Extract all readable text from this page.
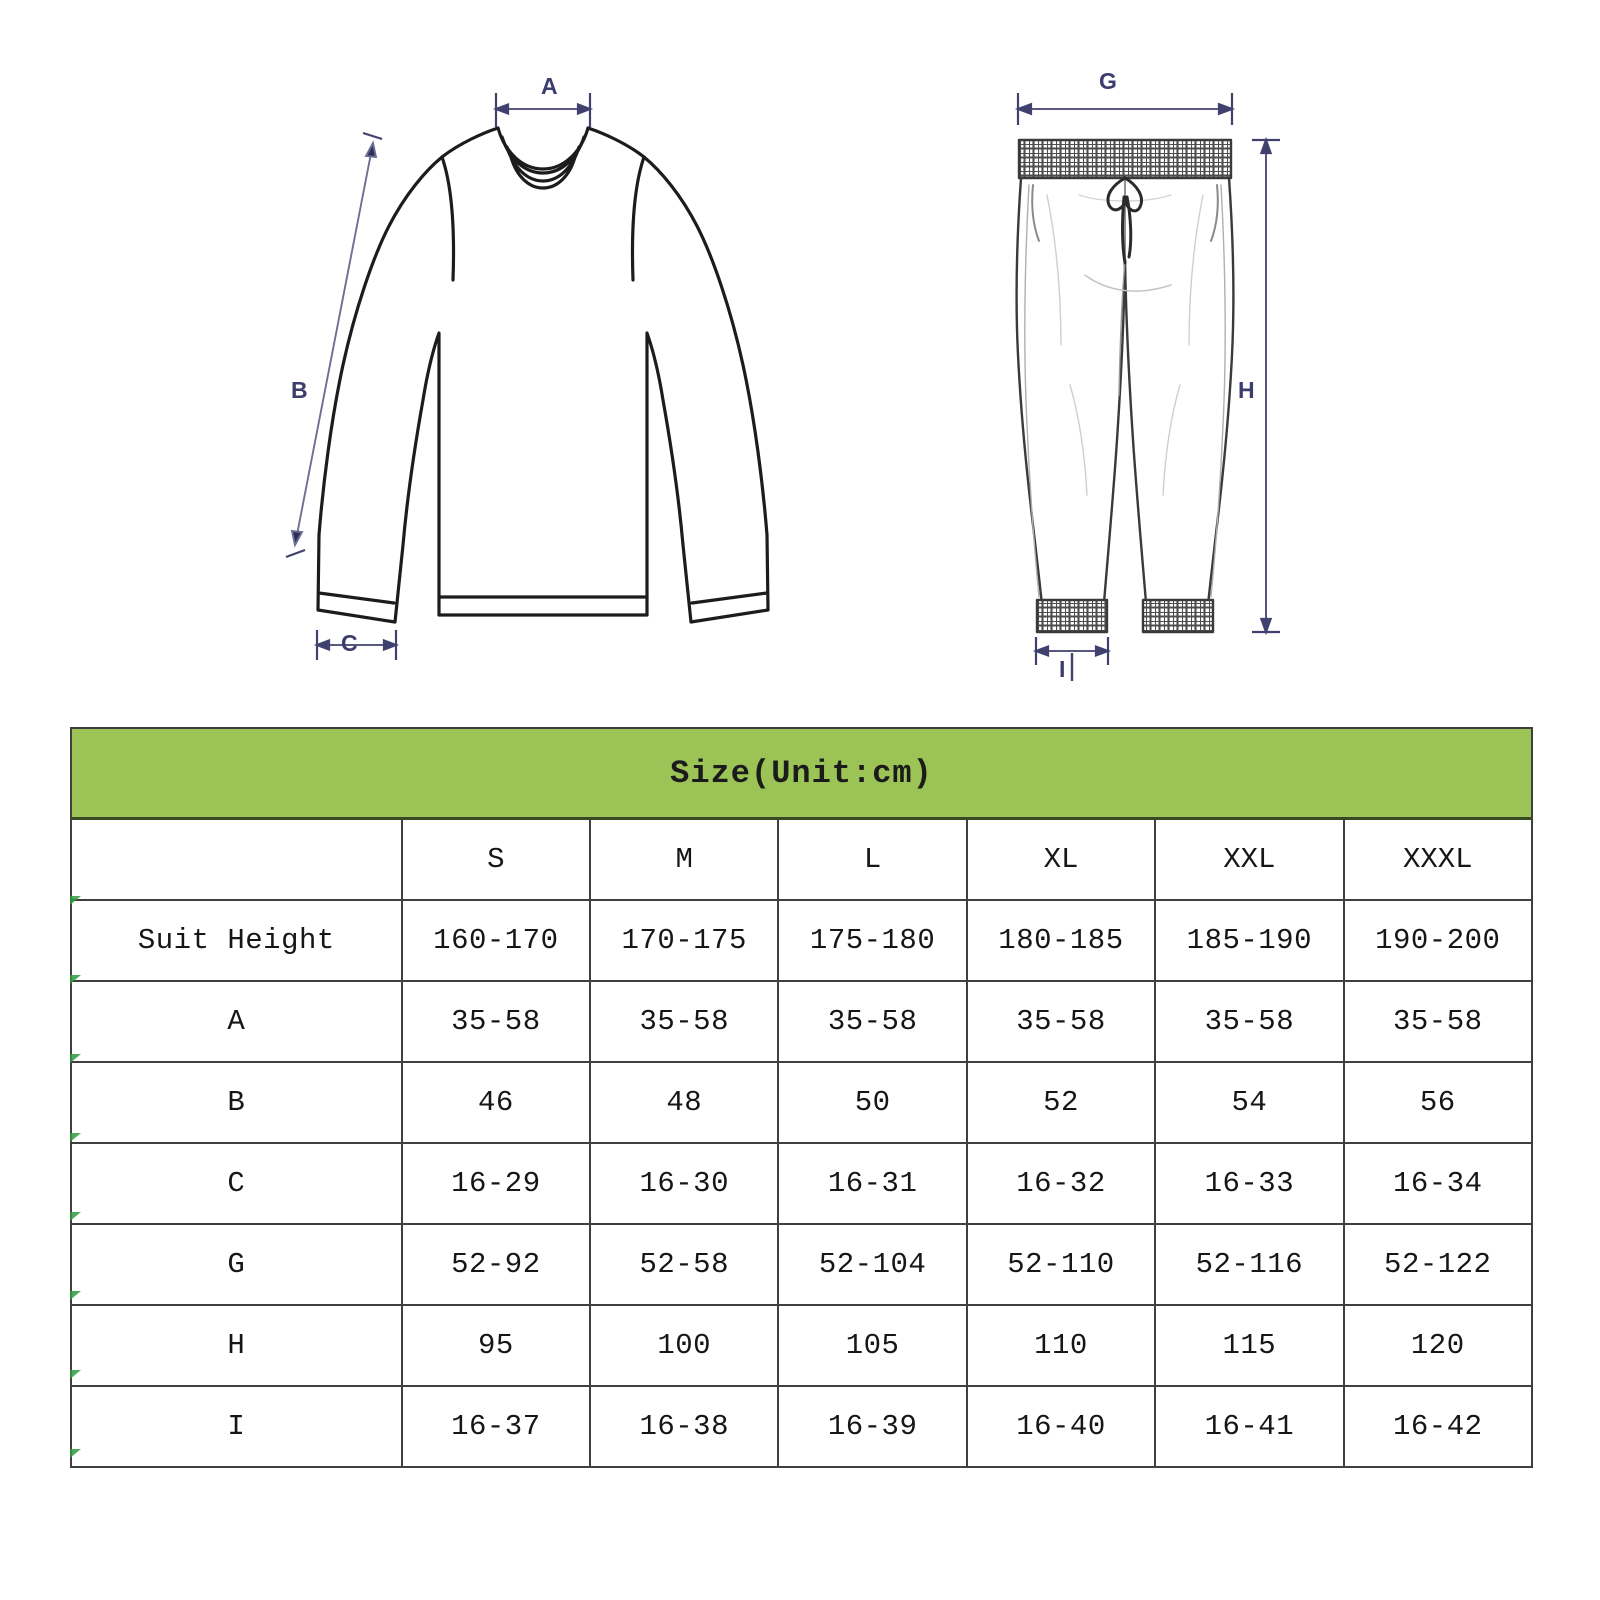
A
B
C
G
H
I
Size(Unit:cm)						
	S	M	L	XL	XXL	XXXL
Suit Height	160-170	170-175	175-180	180-185	185-190	190-200
A	35-58	35-58	35-58	35-58	35-58	35-58
B	46	48	50	52	54	56
C	16-29	16-30	16-31	16-32	16-33	16-34
G	52-92	52-58	52-104	52-110	52-116	52-122
H	95	100	105	110	115	120
I	16-37	16-38	16-39	16-40	16-41	16-42
